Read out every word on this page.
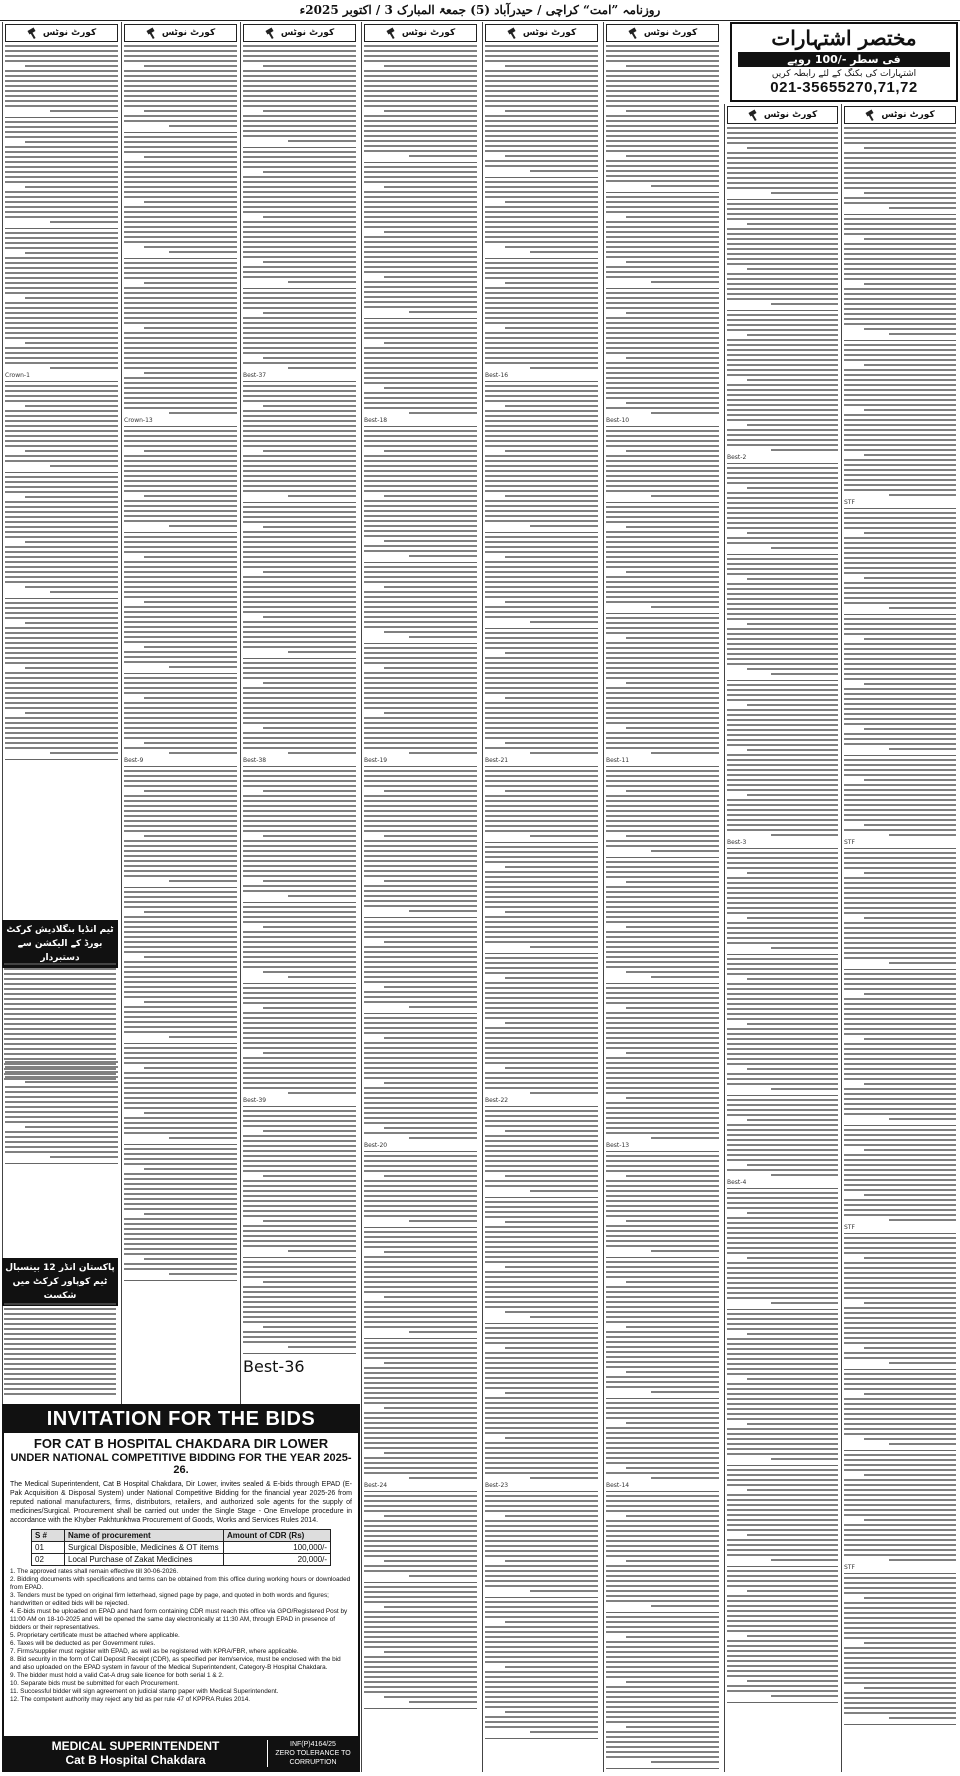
روزنامہ ”امت“ کراچی / حیدرآباد (5) جمعۃ المبارک 3 / اکتوبر 2025ء
کورٹ نوٹس
Crown-1
کورٹ نوٹس
Crown-13
Best-9
کورٹ نوٹس
Best-37
Best-38
Best-39
Best-36
کورٹ نوٹس
Best-18
Best-19
Best-20
Best-24
کورٹ نوٹس
Best-16
Best-21
Best-22
Best-23
کورٹ نوٹس
Best-10
Best-11
Best-13
Best-14
کورٹ نوٹس
Best-2
Best-3
Best-4
کورٹ نوٹس
STF
STF
STF
STF
مختصر اشتہارات
فی سطر -/100 روپے
اشتہارات کی بکنگ کے لئے رابطہ کریں
021-35655270,71,72
ٹیم انڈیا بنگلادیش کرکٹ بورڈ کے الیکشن سے دستبردار
پاکستان انڈر 12 بینسبال ٹیم کوپاور کرکٹ میں شکست
INVITATION FOR THE BIDS
FOR CAT B HOSPITAL CHAKDARA DIR LOWER
UNDER NATIONAL COMPETITIVE BIDDING FOR THE YEAR 2025-26.
The Medical Superintendent, Cat B Hospital Chakdara, Dir Lower, invites sealed & E-bids through EPAD (E-Pak Acquisition & Disposal System) under National Competitive Bidding for the financial year 2025-26 from reputed national manufacturers, firms, distributors, retailers, and authorized sole agents for the supply of medicines/Surgical. Procurement shall be carried out under the Single Stage - One Envelope procedure in accordance with the Khyber Pakhtunkhwa Procurement of Goods, Works and Services Rules 2014.
S #	Name of procurement	Amount of CDR (Rs)
01	Surgical Disposible, Medicines & OT items	100,000/-
02	Local Purchase of Zakat Medicines	20,000/-
1. The approved rates shall remain effective till 30-06-2026.
2. Bidding documents with specifications and terms can be obtained from this office during working hours or downloaded from EPAD.
3. Tenders must be typed on original firm letterhead, signed page by page, and quoted in both words and figures; handwritten or edited bids will be rejected.
4. E-bids must be uploaded on EPAD and hard form containing CDR must reach this office via GPO/Registered Post by 11:00 AM on 18-10-2025 and will be opened the same day electronically at 11:30 AM, through EPAD in presence of bidders or their representatives.
5. Proprietary certificate must be attached where applicable.
6. Taxes will be deducted as per Government rules.
7. Firms/supplier must register with EPAD, as well as be registered with KPRA/FBR, where applicable.
8. Bid security in the form of Call Deposit Receipt (CDR), as specified per item/service, must be enclosed with the bid and also uploaded on the EPAD system in favour of the Medical Superintendent, Category-B Hospital Chakdara.
9. The bidder must hold a valid Cat-A drug sale licence for both serial 1 & 2.
10. Separate bids must be submitted for each Procurement.
11. Successful bidder will sign agreement on judicial stamp paper with Medical Superintendent.
12. The competent authority may reject any bid as per rule 47 of KPPRA Rules 2014.
MEDICAL SUPERINTENDENT
Cat B Hospital Chakdara
INF(P)4164/25
ZERO TOLERANCE TO CORRUPTION
